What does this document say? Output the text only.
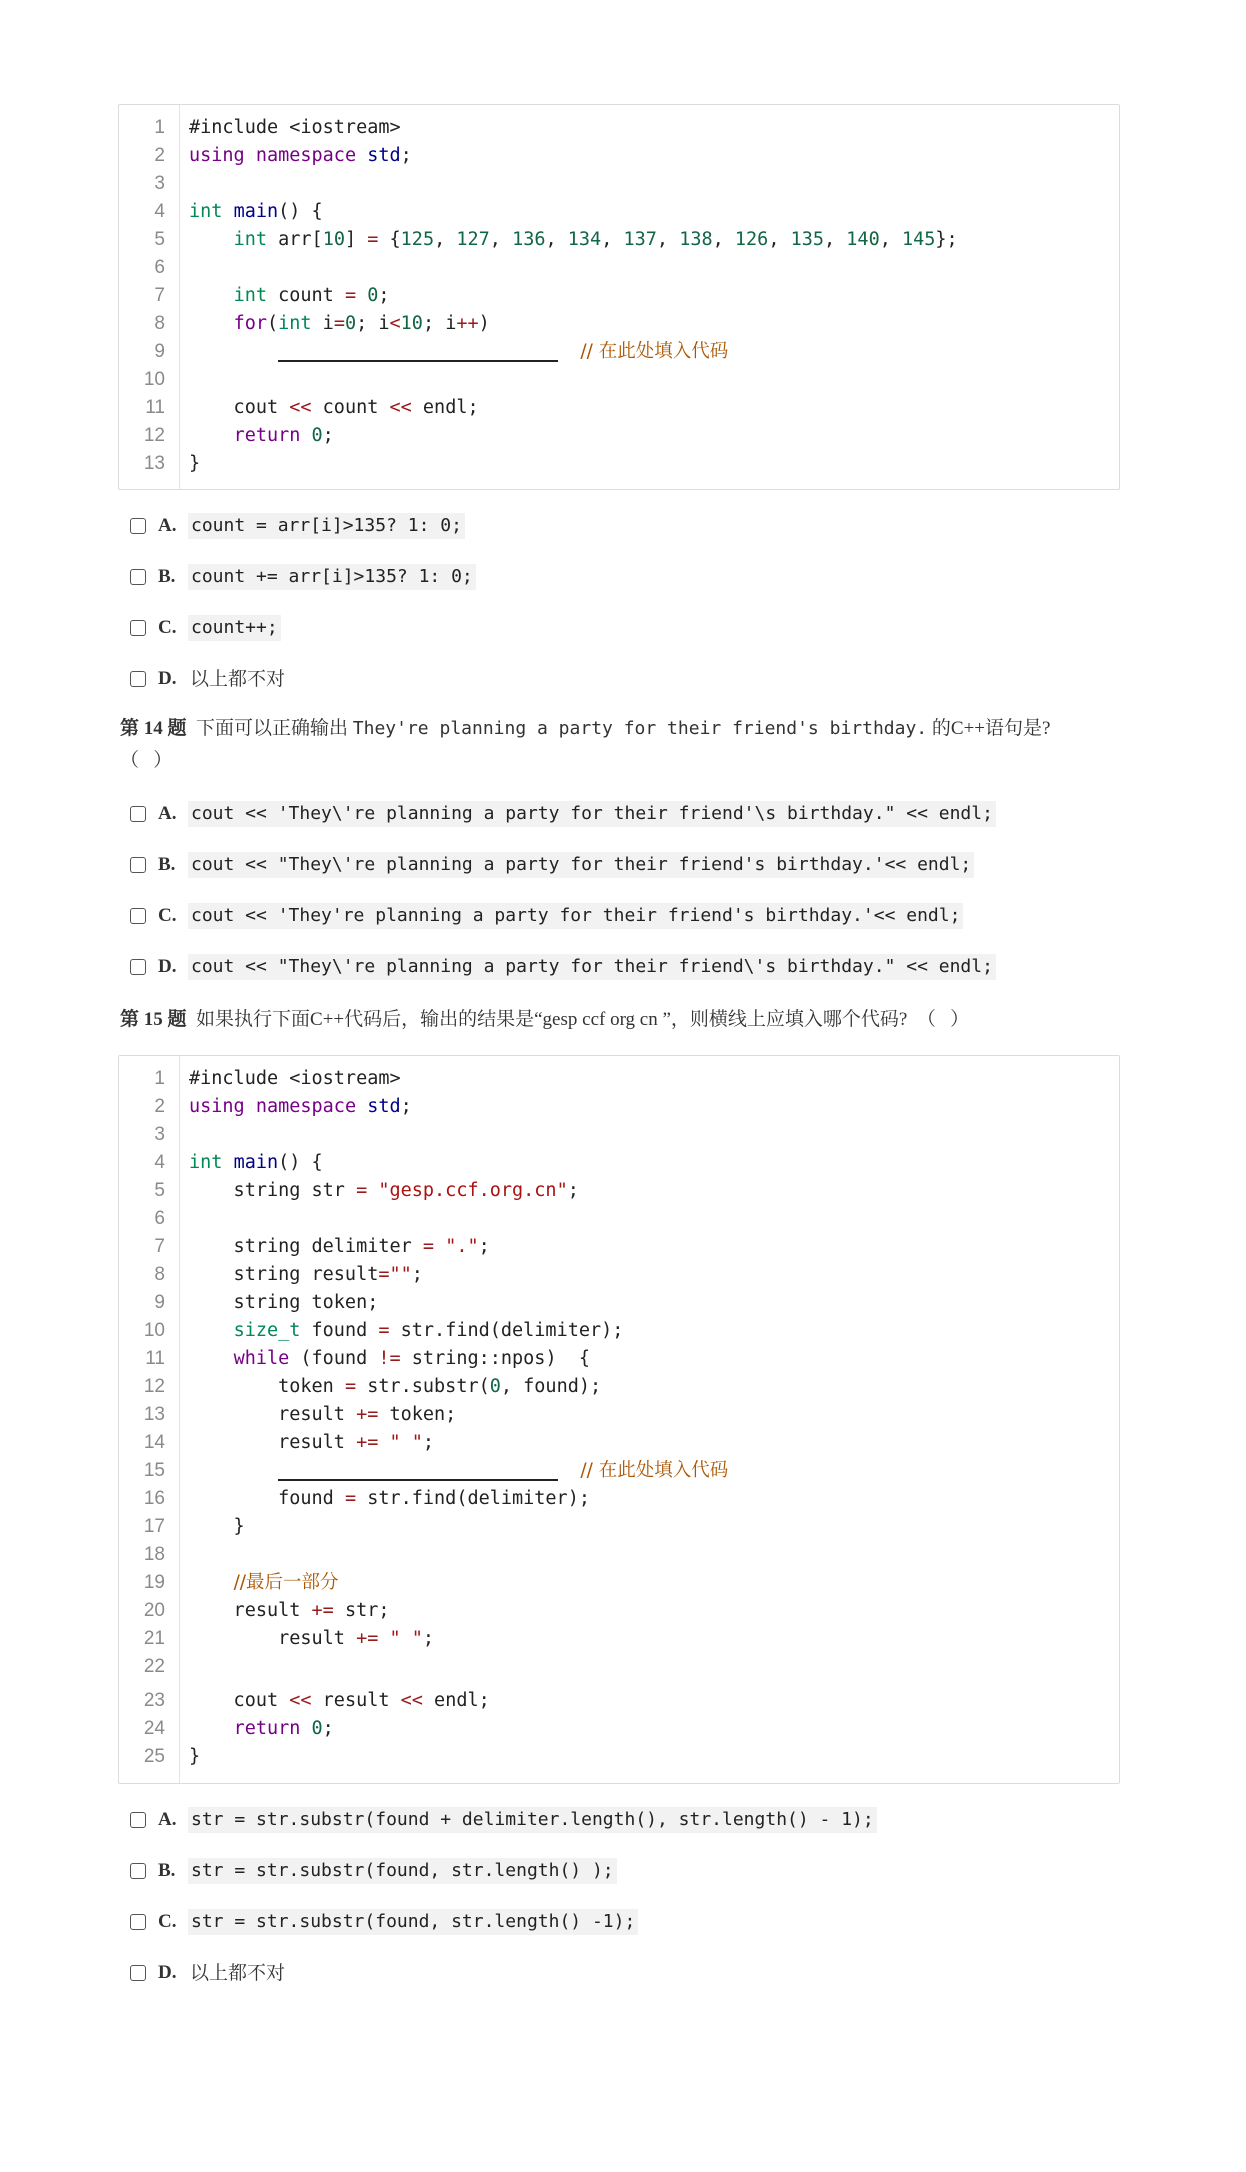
1 #include <iostream>
2 using namespace std;
3
4 int main() {
5	int arr[10] = {125, 127, 136, 134, 137, 138, 126, 135, 140, 145};
6
7	int count = 0;
8	for(int i=0; i<10; i++)
9	// 在此处填入代码
10
11 cout << count << endl;
12	return 0;
13 }
A. count = arr[i]>135? 1: 0;
B. count += arr[i]>135? 1: 0;
C. count++;
D. 以上都不对
第 14 题 下面可以正确输出 They're planning a party for their friend's birthday. 的C++语句是?
（   ）
A. cout << 'They\'re planning a party for their friend'\s birthday." << endl;
B. cout << "They\'re planning a party for their friend's birthday.'<< endl;
C. cout << 'They're planning a party for their friend's birthday.'<< endl;
D. cout << "They\'re planning a party for their friend\'s birthday." << endl;
第 15 题 如果执行下面C++代码后，输出的结果是“gesp ccf org cn ”，则横线上应填入哪个代码?  （   ）
1 #include <iostream>
2 using namespace std;
3
4 int main() {
5 string str = "gesp.ccf.org.cn";
6
7 string delimiter = ".";
8 string result="";
9 string token;
10	size_t found = str.find(delimiter);
11	while (found != string::npos)  {
12 token = str.substr(0, found);
13 result += token;
14 result += " ";
15	// 在此处填入代码
16 found = str.find(delimiter);
17 }
18
19	//最后一部分
20 result += str;
21 result += " ";
22
23 cout << result << endl;
24	return 0;
25 }
A. str = str.substr(found + delimiter.length(), str.length() - 1);
B. str = str.substr(found, str.length() );
C. str = str.substr(found, str.length() -1);
D. 以上都不对
